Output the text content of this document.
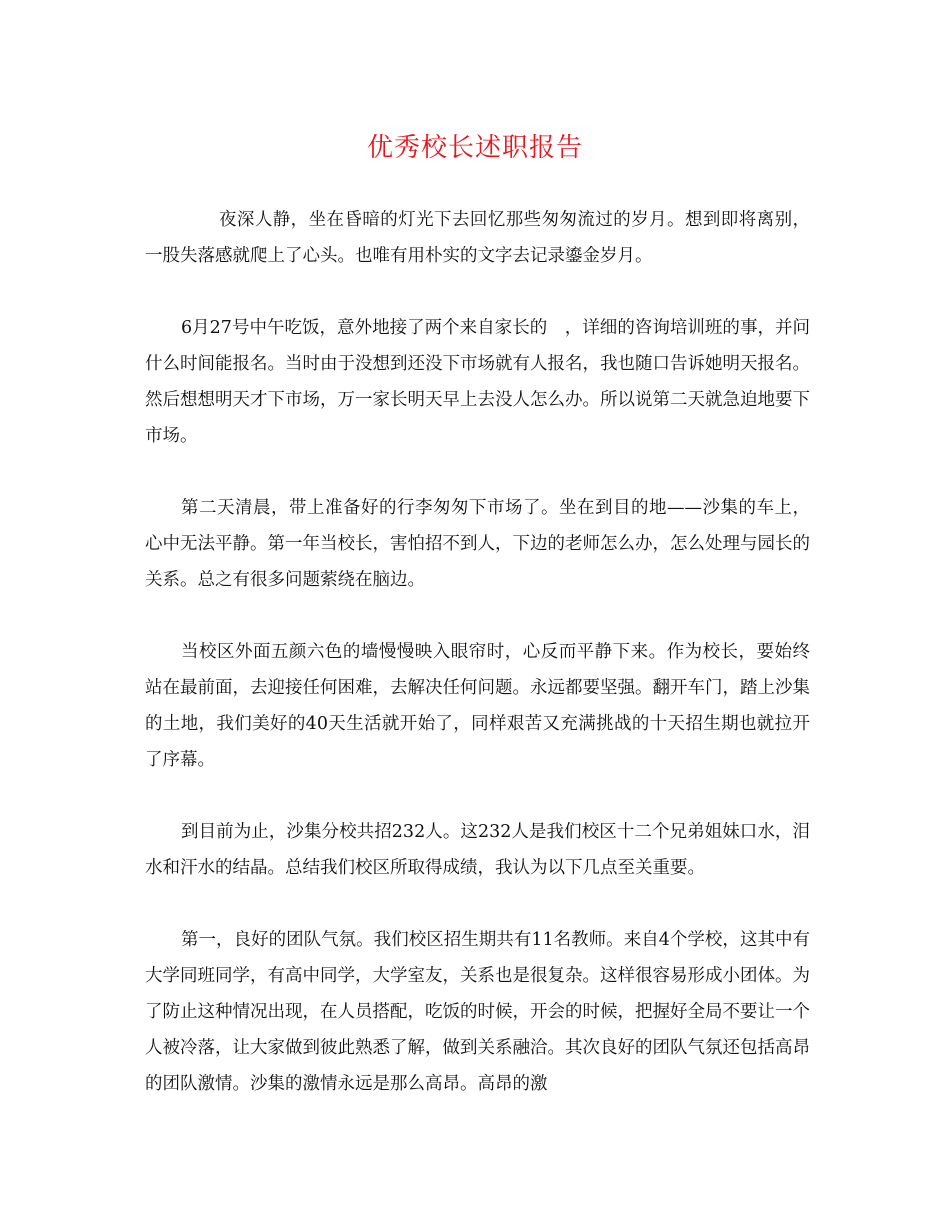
优秀校长述职报告

夜深人静，坐在昏暗的灯光下去回忆那些匆匆流过的岁月。想到即将离别，一股失落感就爬上了心头。也唯有用朴实的文字去记录鎏金岁月。

6月27号中午吃饭，意外地接了两个来自家长的　，详细的咨询培训班的事，并问什么时间能报名。当时由于没想到还没下市场就有人报名，我也随口告诉她明天报名。然后想想明天才下市场，万一家长明天早上去没人怎么办。所以说第二天就急迫地要下市场。

第二天清晨，带上准备好的行李匆匆下市场了。坐在到目的地——沙集的车上，心中无法平静。第一年当校长，害怕招不到人，下边的老师怎么办，怎么处理与园长的关系。总之有很多问题萦绕在脑边。

当校区外面五颜六色的墙慢慢映入眼帘时，心反而平静下来。作为校长，要始终站在最前面，去迎接任何困难，去解决任何问题。永远都要坚强。翻开车门，踏上沙集的土地，我们美好的40天生活就开始了，同样艰苦又充满挑战的十天招生期也就拉开了序幕。

到目前为止，沙集分校共招232人。这232人是我们校区十二个兄弟姐妹口水，泪水和汗水的结晶。总结我们校区所取得成绩，我认为以下几点至关重要。

第一，良好的团队气氛。我们校区招生期共有11名教师。来自4个学校，这其中有大学同班同学，有高中同学，大学室友，关系也是很复杂。这样很容易形成小团体。为了防止这种情况出现，在人员搭配，吃饭的时候，开会的时候，把握好全局不要让一个人被冷落，让大家做到彼此熟悉了解，做到关系融洽。其次良好的团队气氛还包括高昂的团队激情。沙集的激情永远是那么高昂。高昂的激
